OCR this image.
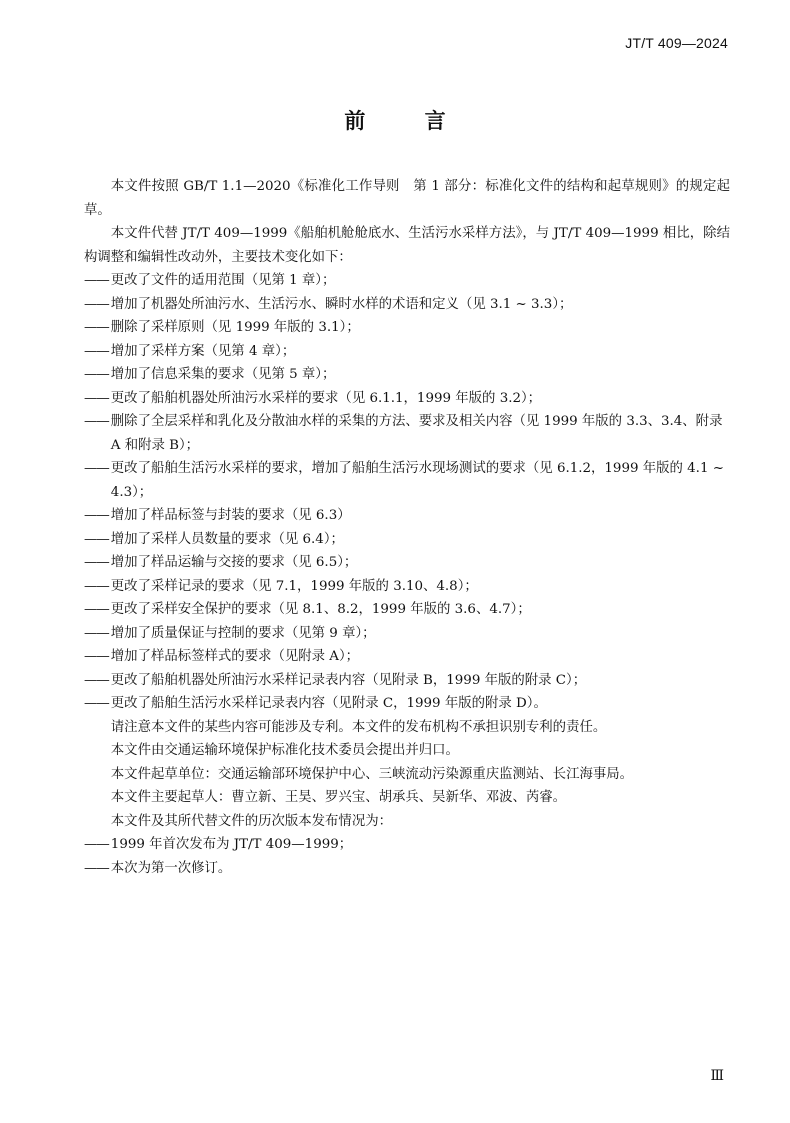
JT/T 409—2024
前 言

本文件按照 GB/T 1.1—2020《标准化工作导则　第 1 部分：标准化文件的结构和起草规则》的规定起草。

本文件代替 JT/T 409—1999《船舶机舱舱底水、生活污水采样方法》，与 JT/T 409—1999 相比，除结构调整和编辑性改动外，主要技术变化如下：

—— 更改了文件的适用范围（见第 1 章）；

—— 增加了机器处所油污水、生活污水、瞬时水样的术语和定义（见 3.1 ~ 3.3）；

—— 删除了采样原则（见 1999 年版的 3.1）；

—— 增加了采样方案（见第 4 章）；

—— 增加了信息采集的要求（见第 5 章）；

—— 更改了船舶机器处所油污水采样的要求（见 6.1.1，1999 年版的 3.2）；

—— 删除了全层采样和乳化及分散油水样的采集的方法、要求及相关内容（见 1999 年版的 3.3、3.4、附录 A 和附录 B）；

—— 更改了船舶生活污水采样的要求，增加了船舶生活污水现场测试的要求（见 6.1.2，1999 年版的 4.1 ~ 4.3）；

—— 增加了样品标签与封装的要求（见 6.3）

—— 增加了采样人员数量的要求（见 6.4）；

—— 增加了样品运输与交接的要求（见 6.5）；

—— 更改了采样记录的要求（见 7.1，1999 年版的 3.10、4.8）；

—— 更改了采样安全保护的要求（见 8.1、8.2，1999 年版的 3.6、4.7）；

—— 增加了质量保证与控制的要求（见第 9 章）；

—— 增加了样品标签样式的要求（见附录 A）；

—— 更改了船舶机器处所油污水采样记录表内容（见附录 B，1999 年版的附录 C）；

—— 更改了船舶生活污水采样记录表内容（见附录 C，1999 年版的附录 D）。

请注意本文件的某些内容可能涉及专利。本文件的发布机构不承担识别专利的责任。

本文件由交通运输环境保护标准化技术委员会提出并归口。

本文件起草单位：交通运输部环境保护中心、三峡流动污染源重庆监测站、长江海事局。

本文件主要起草人：曹立新、王昊、罗兴宝、胡承兵、吴新华、邓波、芮睿。

本文件及其所代替文件的历次版本发布情况为：

—— 1999 年首次发布为 JT/T 409—1999；

—— 本次为第一次修订。

Ⅲ
